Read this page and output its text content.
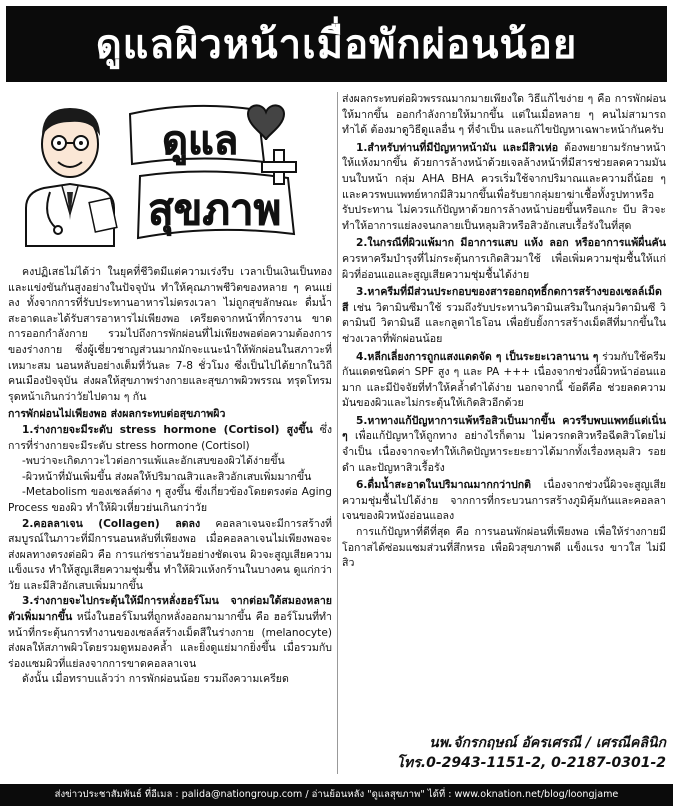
ดูแลผิวหน้าเมื่อพักผ่อนน้อย
ดูแล
สุขภาพ

คงปฏิเสธไม่ได้ว่า ในยุคที่ชีวิตมีแต่ความเร่งรีบ เวลาเป็นเงินเป็นทอง และแข่งขันกันสูงอย่างในปัจจุบัน ทำให้คุณภาพชีวิตของหลาย ๆ คนแย่ลง ทั้งจากการที่รับประทานอาหารไม่ตรงเวลา ไม่ถูกสุขลักษณะ ดื่มน้ำสะอาดและได้รับสารอาหารไม่เพียงพอ เครียดจากหน้าที่การงาน ขาดการออกกำลังกาย รวมไปถึงการพักผ่อนที่ไม่เพียงพอต่อความต้องการของร่างกาย ซึ่งผู้เชี่ยวชาญส่วนมากมักจะแนะนำให้พักผ่อนในสภาวะที่เหมาะสม นอนหลับอย่างเต็มที่วันละ 7-8 ชั่วโมง ซึ่งเป็นไปได้ยากในวิถีคนเมืองปัจจุบัน ส่งผลให้สุขภาพร่างกายและสุขภาพผิวพรรณ ทรุดโทรมรุดหน้าเกินกว่าวัยไปตาม ๆ กัน

การพักผ่อนไม่เพียงพอ ส่งผลกระทบต่อสุขภาพผิว

1.ร่างกายจะมีระดับ stress hormone (Cortisol) สูงขึ้น ซึ่งการที่ร่างกายจะมีระดับ stress hormone (Cortisol)

-พบว่าจะเกิดภาวะไวต่อการแพ้และอักเสบของผิวได้ง่ายขึ้น

-ผิวหน้าที่มันเพิ่มขึ้น ส่งผลให้ปริมาณสิวและสิวอักเสบเพิ่มมากขึ้น

-Metabolism ของเซลล์ต่าง ๆ สูงขึ้น ซึ่งเกี่ยวข้องโดยตรงต่อ Aging Process ของผิว ทำให้ผิวเหี่ยวย่นเกินกว่าวัย

2.คอลลาเจน (Collagen) ลดลง คอลลาเจนจะมีการสร้างที่สมบูรณ์ในภาวะที่มีการนอนหลับที่เพียงพอ เมื่อคอลลาเจนไม่เพียงพอจะส่งผลทางตรงต่อผิว คือ การแก่ชรา่อนวัยอย่างชัดเจน ผิวจะสูญเสียความแข็งแรง ทำให้สูญเสียความชุ่มชื้น ทำให้ผิวแห้งกร้านในบางคน ดูแก่กว่าวัย และมีสิวอักเสบเพิ่มมากขึ้น

3.ร่างกายจะไปกระตุ้นให้มีการหลั่งฮอร์โมน จากต่อมใต้สมองหลายตัวเพิ่มมากขึ้น หนึ่งในฮอร์โมนที่ถูกหลั่งออกมามากขึ้น คือ ฮอร์โมนที่ทำหน้าที่กระตุ้นการทำงานของเซลล์สร้างเม็ดสีในร่างกาย (melanocyte) ส่งผลให้สภาพผิวโดยรวมดูหมองคล้ำ และยิ่งดูแย่มากยิ่งขึ้น เมื่อรวมกับร่องแซมผิวที่แย่ลงจากการขาดคอลลาเจน

ดังนั้น เมื่อทราบแล้วว่า การพักผ่อนน้อย รวมถึงความเครียด

ส่งผลกระทบต่อผิวพรรณมากมายเพียงใด วิธีแก้ไขง่าย ๆ คือ การพักผ่อนให้มากขึ้น ออกกำลังกายให้มากขึ้น แต่ในเมื่อหลาย ๆ คนไม่สามารถทำได้ ต้องมาดูวิธีดูแลอื่น ๆ ที่จำเป็น และแก้ไขปัญหาเฉพาะหน้ากันครับ

1.สำหรับท่านที่มีปัญหาหน้ามัน และมีสิวเห่อ ต้องพยายามรักษาหน้าให้แห้งมากขึ้น ด้วยการล้างหน้าด้วยเจลล้างหน้าที่มีสารช่วยลดความมันบนใบหน้า กลุ่ม AHA BHA ควรเริ่มใช้จากปริมาณและความถี่น้อย ๆ และควรพบแพทย์หากมีสิวมากขึ้นเพื่อรับยากลุ่มยาฆ่าเชื้อทั้งรูปทาหรือรับประทาน ไม่ควรแก้ปัญหาด้วยการล้างหน้าบ่อยขึ้นหรือแกะ บีบ สิวจะทำให้อาการแย่ลงจนกลายเป็นหลุมสิวหรือสิวอักเสบเรื้อรังในที่สุด

2.ในกรณีที่ผิวแพ้มาก มีอาการแสบ แห้ง ลอก หรืออาการแพ้ผื่นคัน ควรหาครีมบำรุงที่ไม่กระตุ้นการเกิดสิวมาใช้ เพื่อเพิ่มความชุ่มชื้นให้แก่ผิวที่อ่อนแอและสูญเสียความชุ่มชื้นได้ง่าย

3.หาครีมที่มีส่วนประกอบของสารออกฤทธิ์กดการสร้างของเซลล์เม็ดสี เช่น วิตามินซีมาใช้ รวมถึงรับประทานวิตามินเสริมในกลุ่มวิตามินซี วิตามินบี วิตามินอี และกลูตาไธโอน เพื่อยับยั้งการสร้างเม็ดสีที่มากขึ้นในช่วงเวลาที่พักผ่อนน้อย

4.หลีกเลี่ยงการถูกแสงแดดจัด ๆ เป็นระยะเวลานาน ๆ ร่วมกับใช้ครีมกันแดดชนิดค่า SPF สูง ๆ และ PA +++ เนื่องจากช่วงนี้ผิวหน้าอ่อนแอมาก และมีปัจจัยที่ทำให้คล้ำดำได้ง่าย นอกจากนี้ ข้อดีคือ ช่วยลดความมันของผิวและไม่กระตุ้นให้เกิดสิวอีกด้วย

5.หาทางแก้ปัญหาการแพ้หรือสิวเป็นมากขึ้น ควรรีบพบแพทย์แต่เนิ่น ๆ เพื่อแก้ปัญหาให้ถูกทาง อย่างไรก็ตาม ไม่ควรกดสิวหรือฉีดสิวโดยไม่จำเป็น เนื่องจากจะทำให้เกิดปัญหาระยะยาวได้มากทั้งเรื่องหลุมสิว รอยดำ และปัญหาสิวเรื้อรัง

6.ดื่มน้ำสะอาดในปริมาณมากกว่าปกติ เนื่องจากช่วงนี้ผิวจะสูญเสียความชุ่มชื้นไปได้ง่าย จากการที่กระบวนการสร้างภูมิคุ้มกันและคอลลาเจนของผิวหนังอ่อนแอลง

การแก้ปัญหาที่ดีที่สุด คือ การนอนพักผ่อนที่เพียงพอ เพื่อให้ร่างกายมีโอกาสได้ซ่อมแซมส่วนที่สึกหรอ เพื่อผิวสุขภาพดี แข็งแรง ขาวใส ไม่มีสิว

นพ.จักรกฤษณ์ อัครเศรณี / เศรณีคลินิก
โทร.0-2943-1151-2, 0-2187-0301-2
ส่งข่าวประชาสัมพันธ์ ที่อีเมล : palida@nationgroup.com / อ่านย้อนหลัง "ดูแลสุขภาพ" ได้ที่ : www.oknation.net/blog/loongjame
